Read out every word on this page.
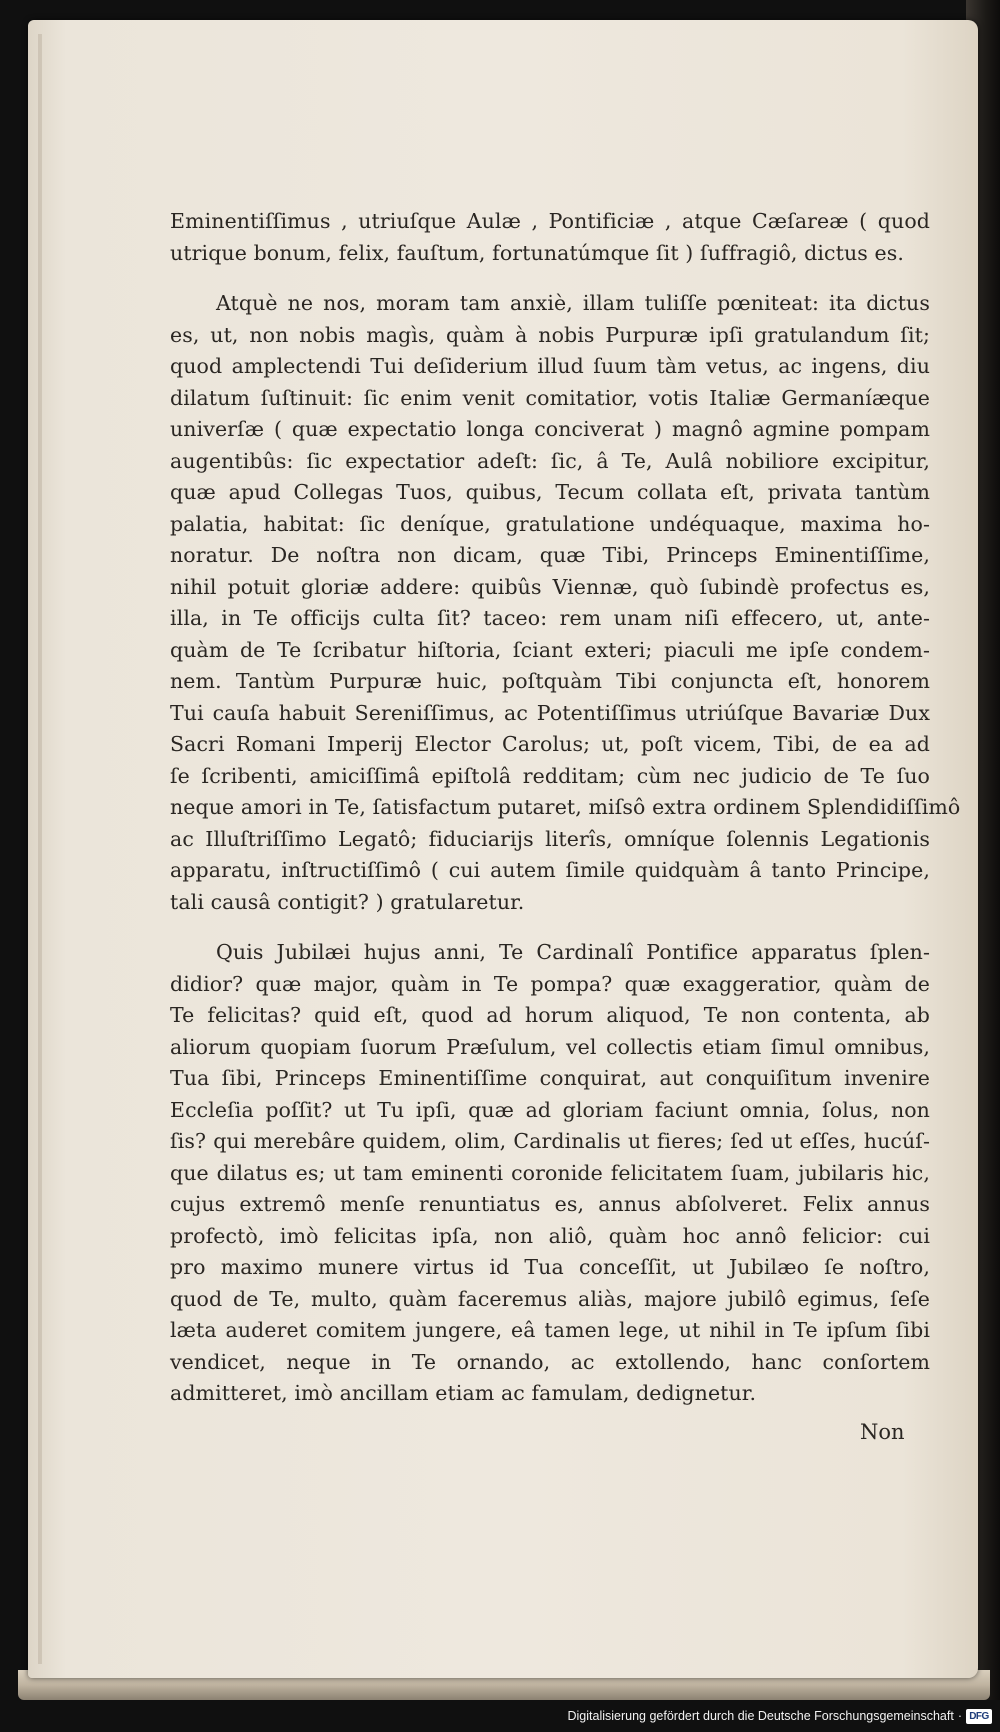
Eminentiſſimus , utriuſque Aulæ , Pontificiæ , atque Cæſareæ ( quod
utrique bonum, felix, fauſtum, fortunatúmque ſit ) ſuffragiô, dictus es.

Atquè ne nos, moram tam anxiè, illam tuliſſe pœniteat: ita dictus
es, ut, non nobis magìs, quàm à nobis Purpuræ ipſi gratulandum ſit;
quod amplectendi Tui deſiderium illud ſuum tàm vetus, ac ingens, diu
dilatum ſuſtinuit: ſic enim venit comitatior, votis Italiæ Germaníæque
univerſæ ( quæ expectatio longa conciverat ) magnô agmine pompam
augentibûs: ſic expectatior adeſt: ſic, â Te, Aulâ nobiliore excipitur,
quæ apud Collegas Tuos, quibus, Tecum collata eſt, privata tantùm
palatia, habitat: ſic deníque, gratulatione undéquaque, maxima ho-
noratur. De noſtra non dicam, quæ Tibi, Princeps Eminentiſſime,
nihil potuit gloriæ addere: quibûs Viennæ, quò ſubindè profectus es,
illa, in Te officijs culta ſit? taceo: rem unam niſi effecero, ut, ante-
quàm de Te ſcribatur hiſtoria, ſciant exteri; piaculi me ipſe condem-
nem. Tantùm Purpuræ huic, poſtquàm Tibi conjuncta eſt, honorem
Tui cauſa habuit Sereniſſimus, ac Potentiſſimus utriúſque Bavariæ Dux
Sacri Romani Imperij Elector Carolus; ut, poſt vicem, Tibi, de ea ad
ſe ſcribenti, amiciſſimâ epiſtolâ redditam; cùm nec judicio de Te ſuo
neque amori in Te, ſatisfactum putaret, miſsô extra ordinem Splendidiſſimô
ac Illuſtriſſimo Legatô; fiduciarijs literîs, omníque ſolennis Legationis
apparatu, inſtructiſſimô ( cui autem ſimile quidquàm â tanto Principe,
tali causâ contigit? ) gratularetur.

Quis Jubilæi hujus anni, Te Cardinalî Pontifice apparatus ſplen-
didior? quæ major, quàm in Te pompa? quæ exaggeratior, quàm de
Te felicitas? quid eſt, quod ad horum aliquod, Te non contenta, ab
aliorum quopiam ſuorum Præſulum, vel collectis etiam ſimul omnibus,
Tua ſibi, Princeps Eminentiſſime conquirat, aut conquiſitum invenire
Eccleſia poſſit? ut Tu ipſi, quæ ad gloriam faciunt omnia, ſolus, non
ſis? qui merebâre quidem, olim, Cardinalis ut fieres; ſed ut eſſes, hucúſ-
que dilatus es; ut tam eminenti coronide felicitatem ſuam, jubilaris hic,
cujus extremô menſe renuntiatus es, annus abſolveret. Felix annus
profectò, imò felicitas ipſa, non aliô, quàm hoc annô felicior: cui
pro maximo munere virtus id Tua conceſſit, ut Jubilæo ſe noſtro,
quod de Te, multo, quàm faceremus aliàs, majore jubilô egimus, ſeſe
læta auderet comitem jungere, eâ tamen lege, ut nihil in Te ipſum ſibi
vendicet, neque in Te ornando, ac extollendo, hanc conſortem
admitteret, imò ancillam etiam ac famulam, dedignetur.

Non
Digitalisierung gefördert durch die Deutsche Forschungsgemeinschaft · DFG
